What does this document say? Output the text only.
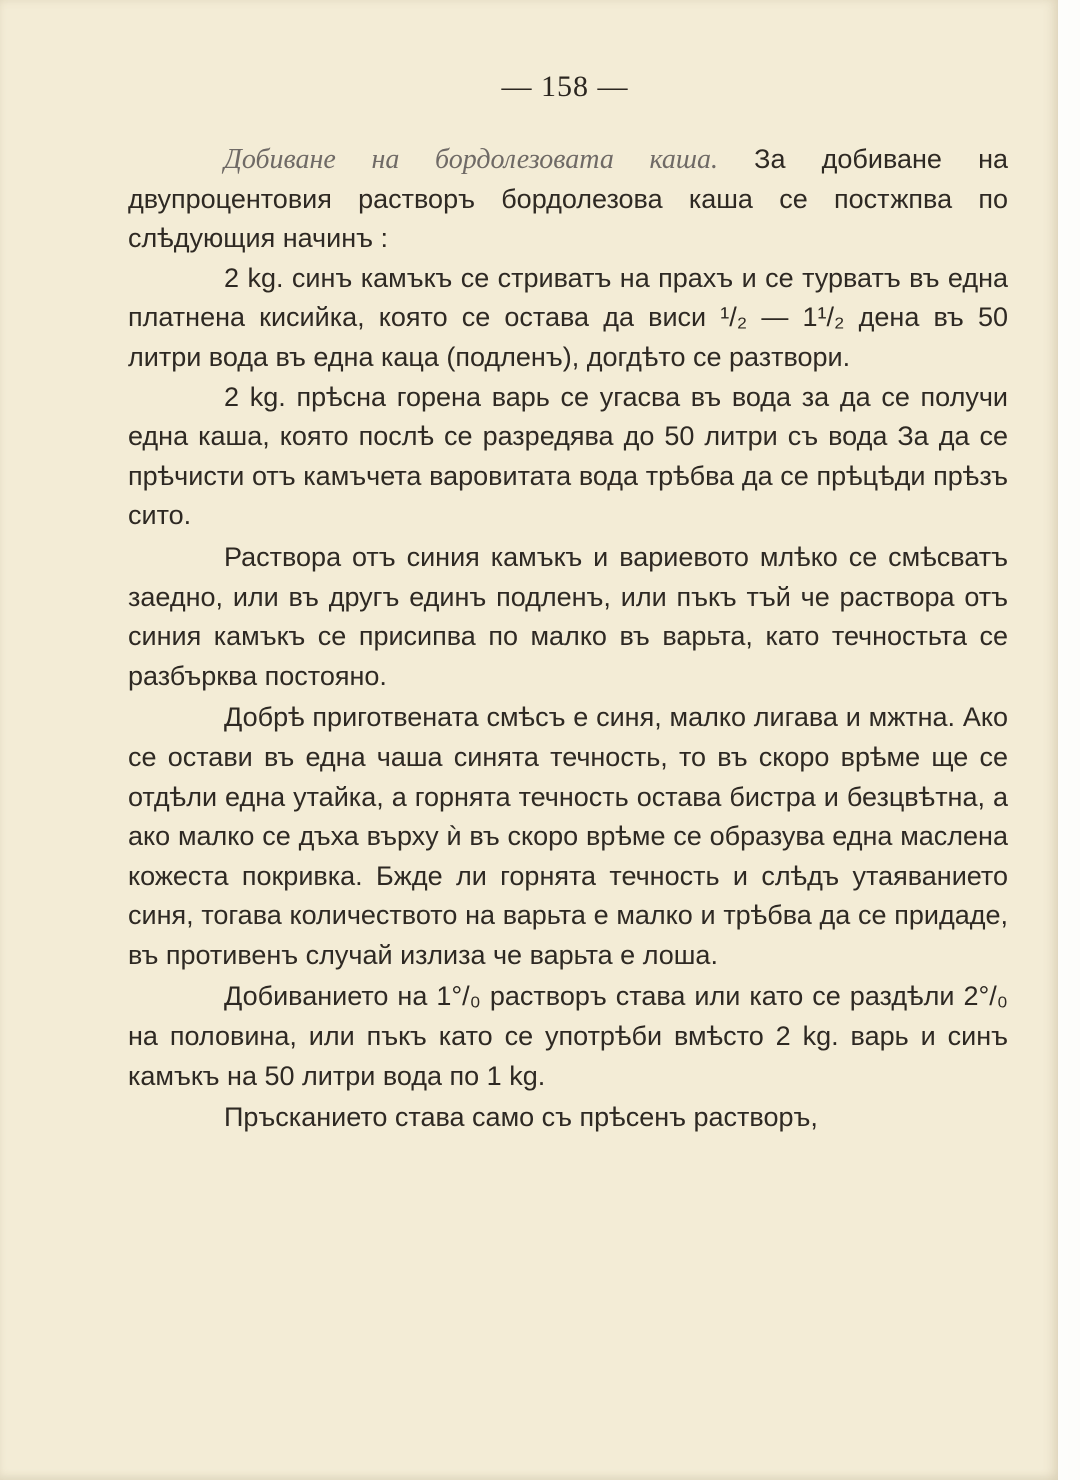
— 158 —

Добиване на бордолезовата каша. За добиване на двупроцентовия растворъ бордолезова каша се постжпва по слѣдующия начинъ :

2 kg. синъ камъкъ се стриватъ на прахъ и се турватъ въ една платнена кисийка, която се остава да виси ¹/₂ — 1¹/₂ дена въ 50 литри вода въ една каца (подленъ), догдѣто се разтвори.

2 kg. прѣсна горена варь се угасва въ вода за да се получи една каша, която послѣ се разредява до 50 литри съ вода За да се прѣчисти отъ камъчета варовитата вода трѣбва да се прѣцѣди прѣзъ сито.

Раствора отъ синия камъкъ и вариевото млѣко се смѣсватъ заедно, или въ другъ единъ подленъ, или пъкъ тъй че раствора отъ синия камъкъ се присипва по малко въ варьта, като течностьта се разбърква постояно.

Добрѣ приготвената смѣсъ е синя, малко лигава и мжтна. Ако се остави въ една чаша синята течность, то въ скоро врѣме ще се отдѣли една утайка, а горнята течность остава бистра и безцвѣтна, а ако малко се дъха върху ѝ въ скоро врѣме се образува една маслена кожеста покривка. Бжде ли горнята течность и слѣдъ утаяванието синя, тогава количеството на варьта е малко и трѣбва да се придаде, въ противенъ случай излиза че варьта е лоша.

Добиванието на 1°/₀ растворъ става или като се раздѣли 2°/₀ на половина, или пъкъ като се употрѣби вмѣсто 2 kg. варь и синъ камъкъ на 50 литри вода по 1 kg.

Пръсканието става само съ прѣсенъ растворъ,
